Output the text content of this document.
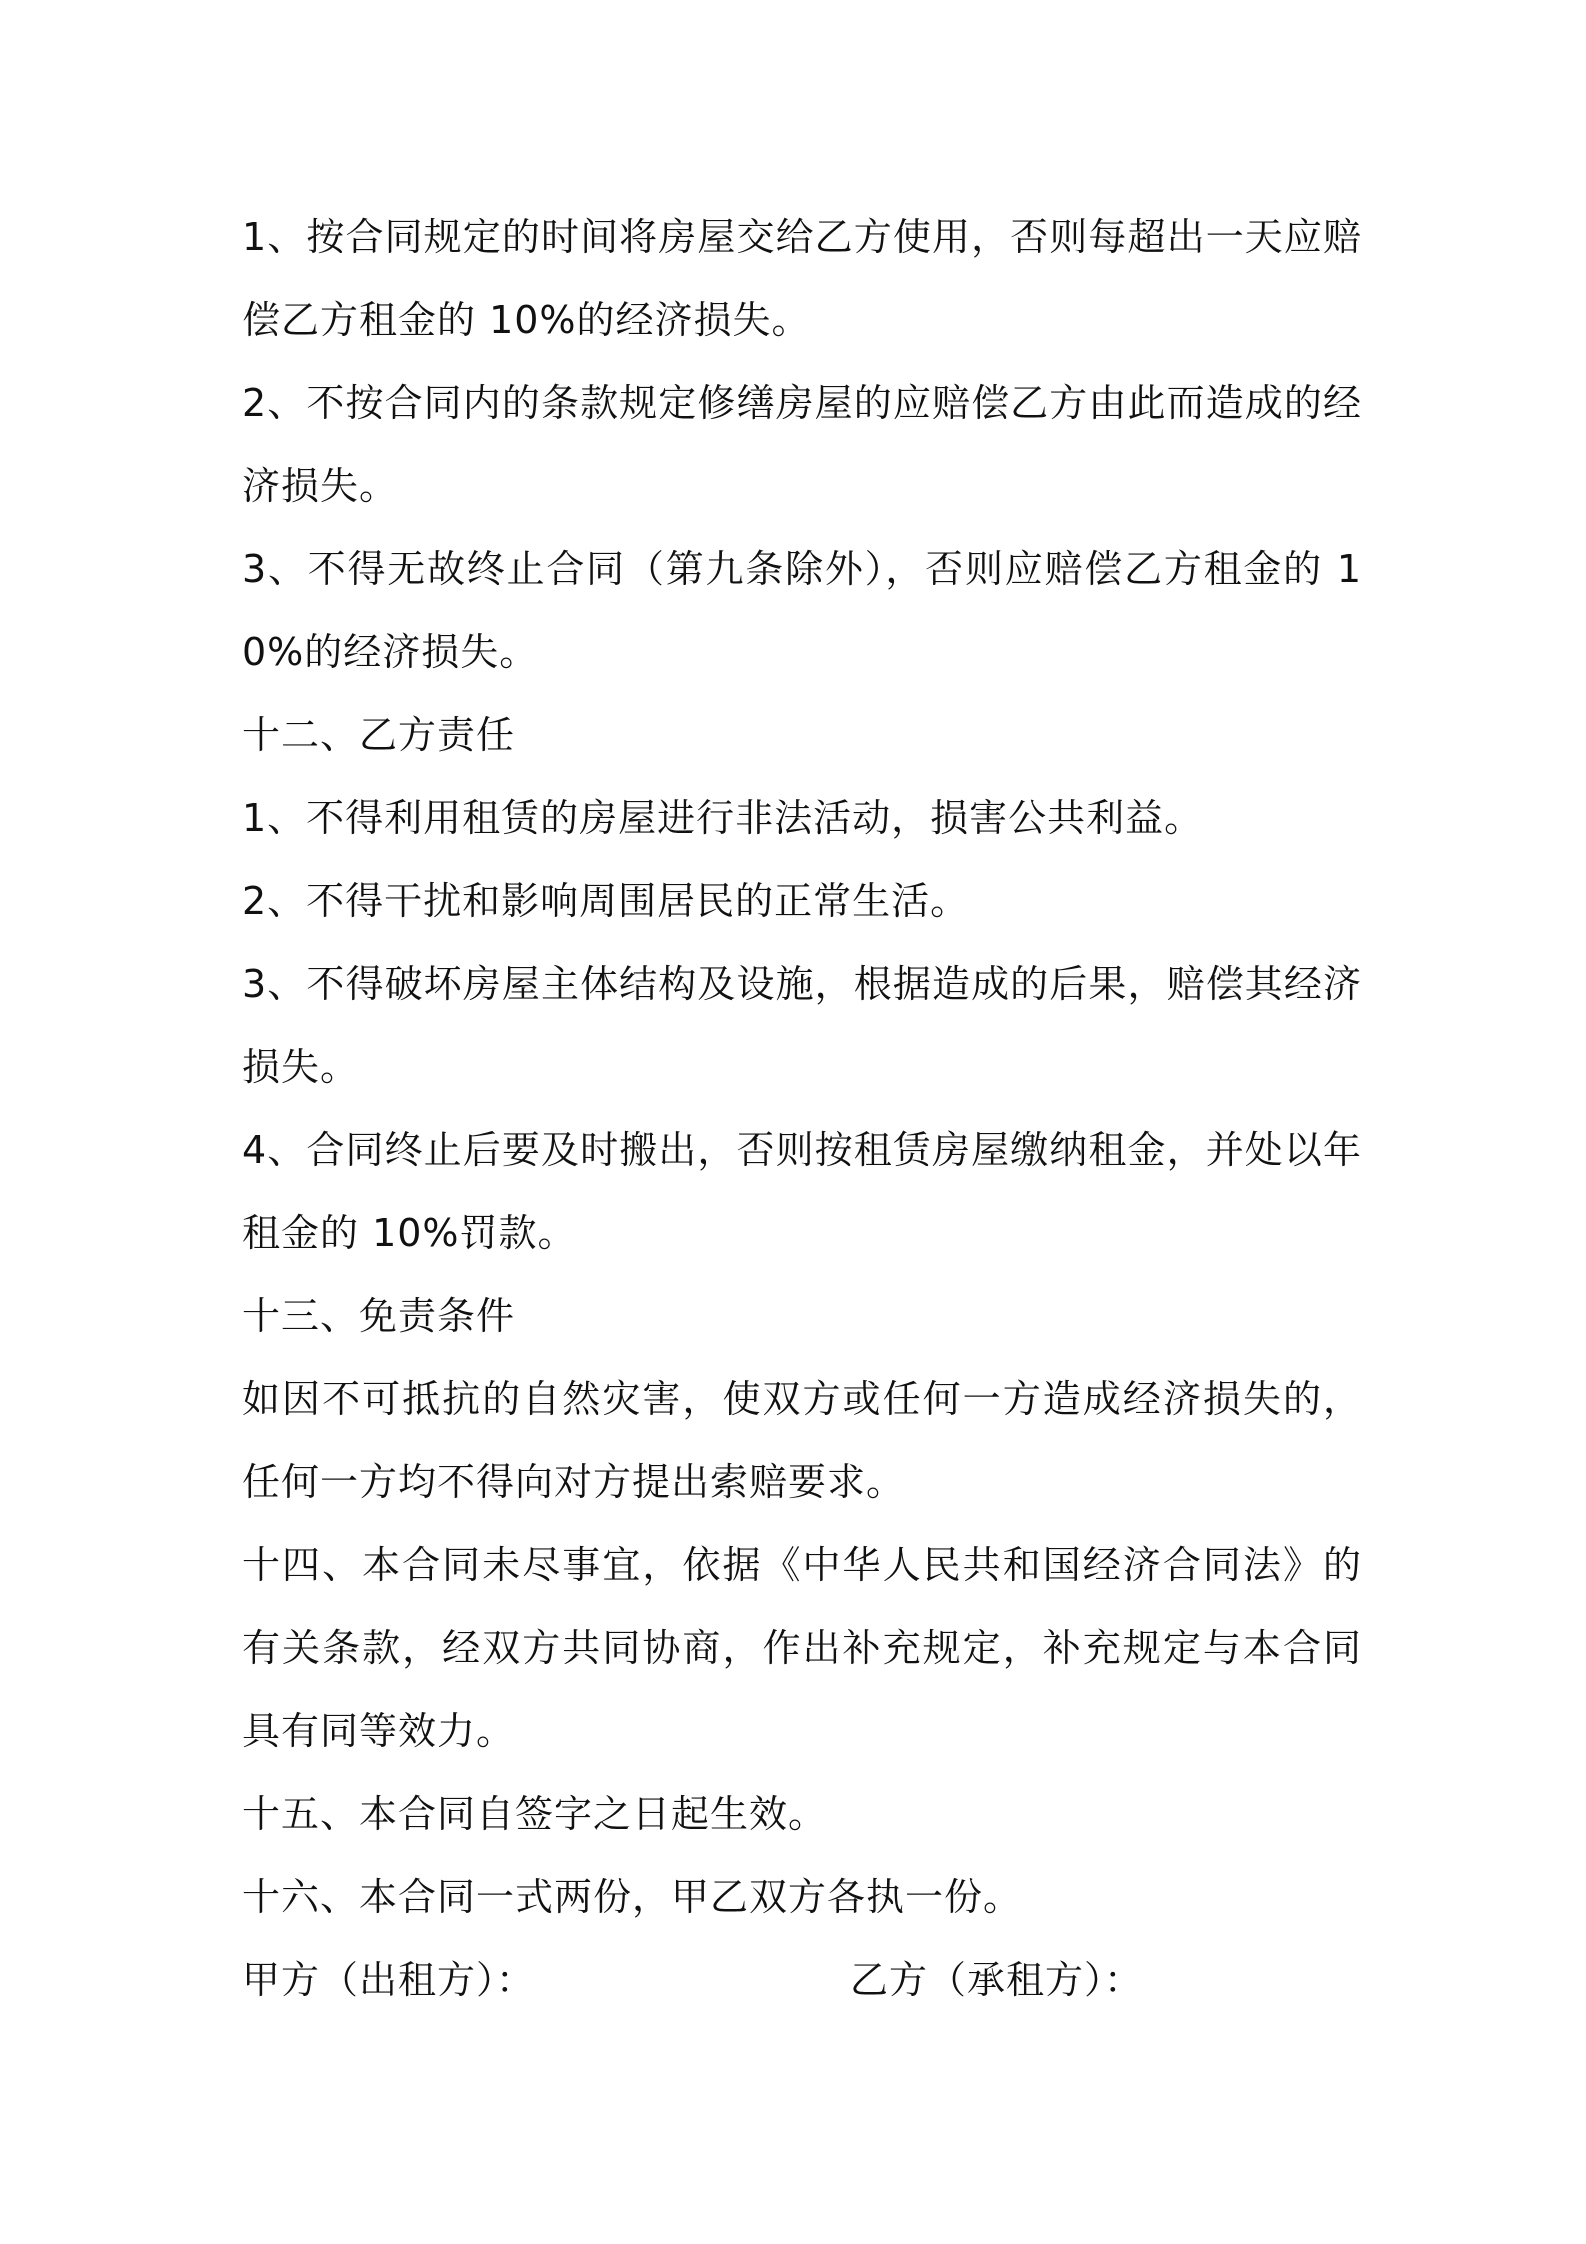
1、按合同规定的时间将房屋交给乙方使用，否则每超出一天应赔偿乙方租金的 10%的经济损失。

2、不按合同内的条款规定修缮房屋的应赔偿乙方由此而造成的经济损失。

3、不得无故终止合同（第九条除外），否则应赔偿乙方租金的 10%的经济损失。

十二、乙方责任

1、不得利用租赁的房屋进行非法活动，损害公共利益。

2、不得干扰和影响周围居民的正常生活。

3、不得破坏房屋主体结构及设施，根据造成的后果，赔偿其经济损失。

4、合同终止后要及时搬出，否则按租赁房屋缴纳租金，并处以年租金的 10%罚款。

十三、免责条件

如因不可抵抗的自然灾害，使双方或任何一方造成经济损失的，任何一方均不得向对方提出索赔要求。

十四、本合同未尽事宜，依据《中华人民共和国经济合同法》的有关条款，经双方共同协商，作出补充规定，补充规定与本合同具有同等效力。

十五、本合同自签字之日起生效。

十六、本合同一式两份，甲乙双方各执一份。

甲方（出租方）：	乙方（承租方）：
